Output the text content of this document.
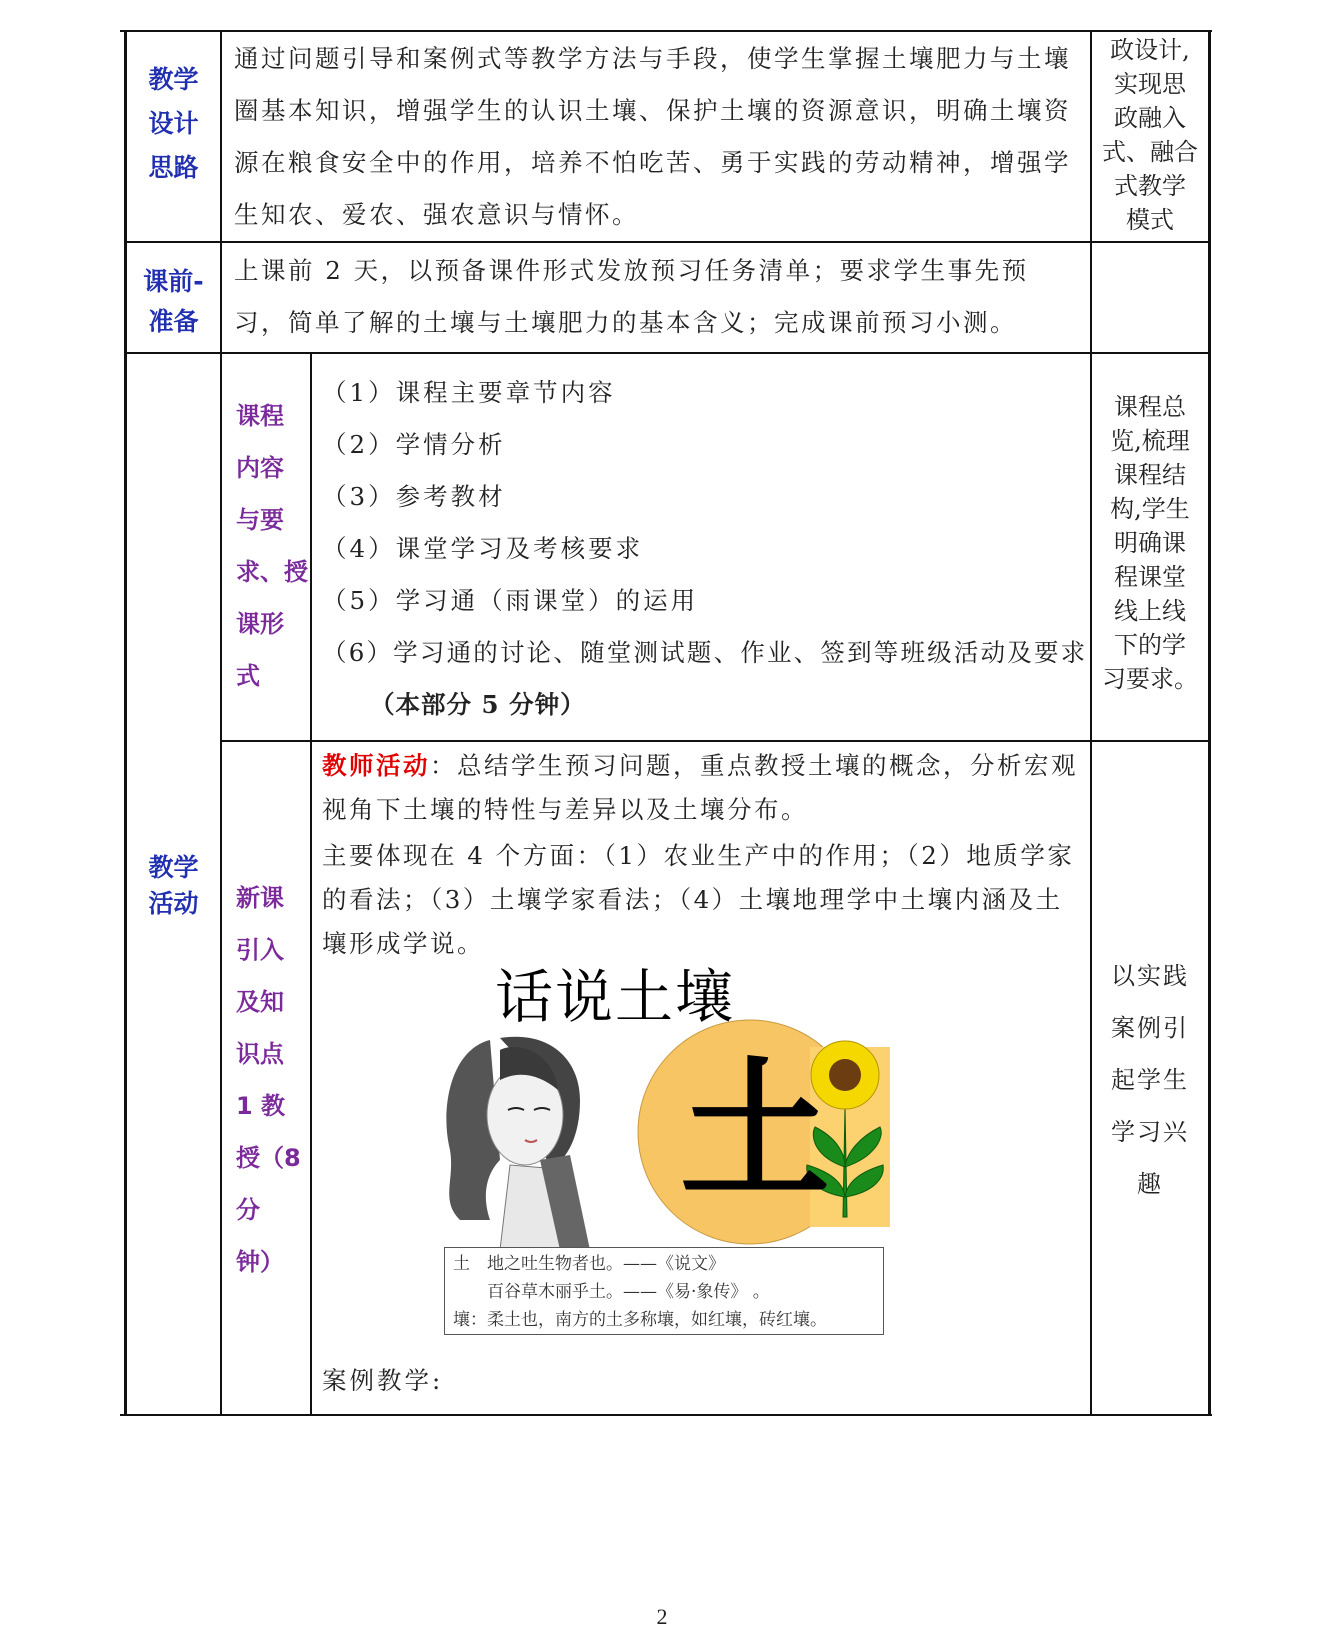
教学
设计
思路
通过问题引导和案例式等教学方法与手段，使学生掌握土壤肥力与土壤圈基本知识，增强学生的认识土壤、保护土壤的资源意识，明确土壤资源在粮食安全中的作用，培养不怕吃苦、勇于实践的劳动精神，增强学生知农、爱农、强农意识与情怀。
政设计,
实现思
政融入
式、融合
式教学
模式
课前-
准备
上课前 2 天，以预备课件形式发放预习任务清单；要求学生事先预习，简单了解的土壤与土壤肥力的基本含义；完成课前预习小测。
教学
活动
课程
内容
与要
求、授
课形
式
（1）课程主要章节内容
（2）学情分析
（3）参考教材
（4）课堂学习及考核要求
（5）学习通（雨课堂）的运用
（6）学习通的讨论、随堂测试题、作业、签到等班级活动及要求
（本部分 5 分钟）
课程总
览,梳理
课程结
构,学生
明确课
程课堂
线上线
下的学
习要求。
新课
引入
及知
识点
1 教
授（8
分
钟）
教师活动：总结学生预习问题，重点教授土壤的概念，分析宏观视角下土壤的特性与差异以及土壤分布。
主要体现在 4 个方面：（1）农业生产中的作用；（2）地质学家的看法；（3）土壤学家看法；（4）土壤地理学中土壤内涵及土壤形成学说。
话说土壤
土
土　地之吐生物者也。——《说文》
　　百谷草木丽乎土。——《易·象传》 。
壤：柔土也，南方的土多称壤，如红壤，砖红壤。
案例教学:
以实践
案例引
起学生
学习兴
趣
2
